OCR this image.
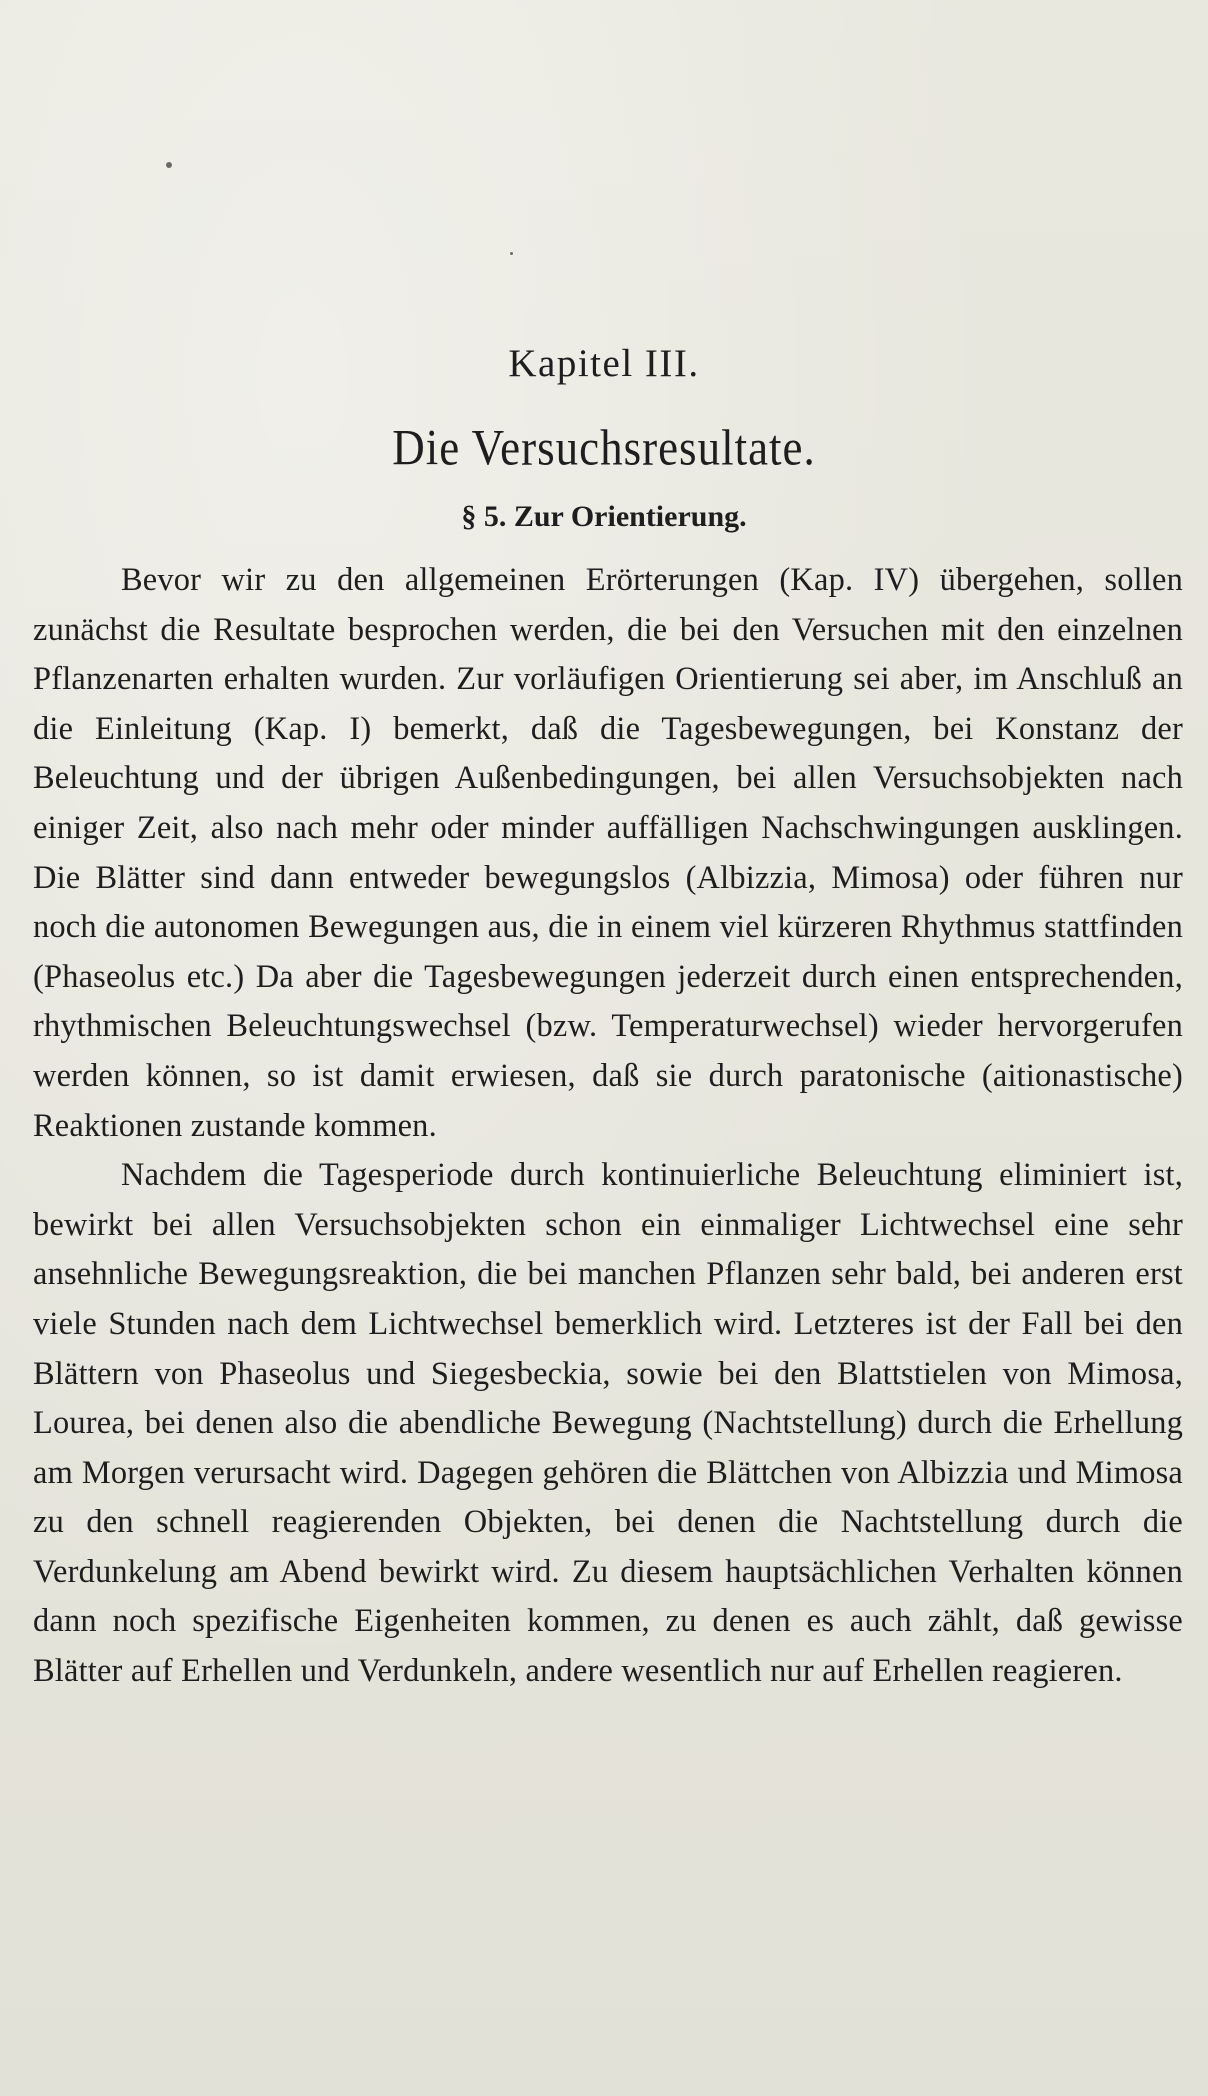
Kapitel III.
Die Versuchsresultate.
§ 5. Zur Orientierung.

Bevor wir zu den allgemeinen Erörterungen (Kap. IV) übergehen, sollen zunächst die Resultate besprochen werden, die bei den Versuchen mit den einzelnen Pflanzenarten erhalten wurden. Zur vorläufigen Orientierung sei aber, im Anschluß an die Einleitung (Kap. I) bemerkt, daß die Tagesbewegungen, bei Konstanz der Beleuchtung und der übrigen Außenbedingungen, bei allen Versuchsobjekten nach einiger Zeit, also nach mehr oder minder auffälligen Nachschwingungen ausklingen. Die Blätter sind dann entweder bewegungslos (Albizzia, Mimosa) oder führen nur noch die autonomen Bewegungen aus, die in einem viel kürzeren Rhythmus stattfinden (Phaseolus etc.) Da aber die Tagesbewegungen jederzeit durch einen entsprechenden, rhythmischen Beleuchtungswechsel (bzw. Temperaturwechsel) wieder hervorgerufen werden können, so ist damit erwiesen, daß sie durch paratonische (aitionastische) Reaktionen zustande kommen.

Nachdem die Tagesperiode durch kontinuierliche Beleuchtung eliminiert ist, bewirkt bei allen Versuchsobjekten schon ein einmaliger Lichtwechsel eine sehr ansehnliche Bewegungsreaktion, die bei manchen Pflanzen sehr bald, bei anderen erst viele Stunden nach dem Lichtwechsel bemerklich wird. Letzteres ist der Fall bei den Blättern von Phaseolus und Siegesbeckia, sowie bei den Blattstielen von Mimosa, Lourea, bei denen also die abendliche Bewegung (Nachtstellung) durch die Erhellung am Morgen verursacht wird. Dagegen gehören die Blättchen von Albizzia und Mimosa zu den schnell reagierenden Objekten, bei denen die Nachtstellung durch die Verdunkelung am Abend bewirkt wird. Zu diesem hauptsächlichen Verhalten können dann noch spezifische Eigenheiten kommen, zu denen es auch zählt, daß gewisse Blätter auf Erhellen und Verdunkeln, andere wesentlich nur auf Erhellen reagieren.
